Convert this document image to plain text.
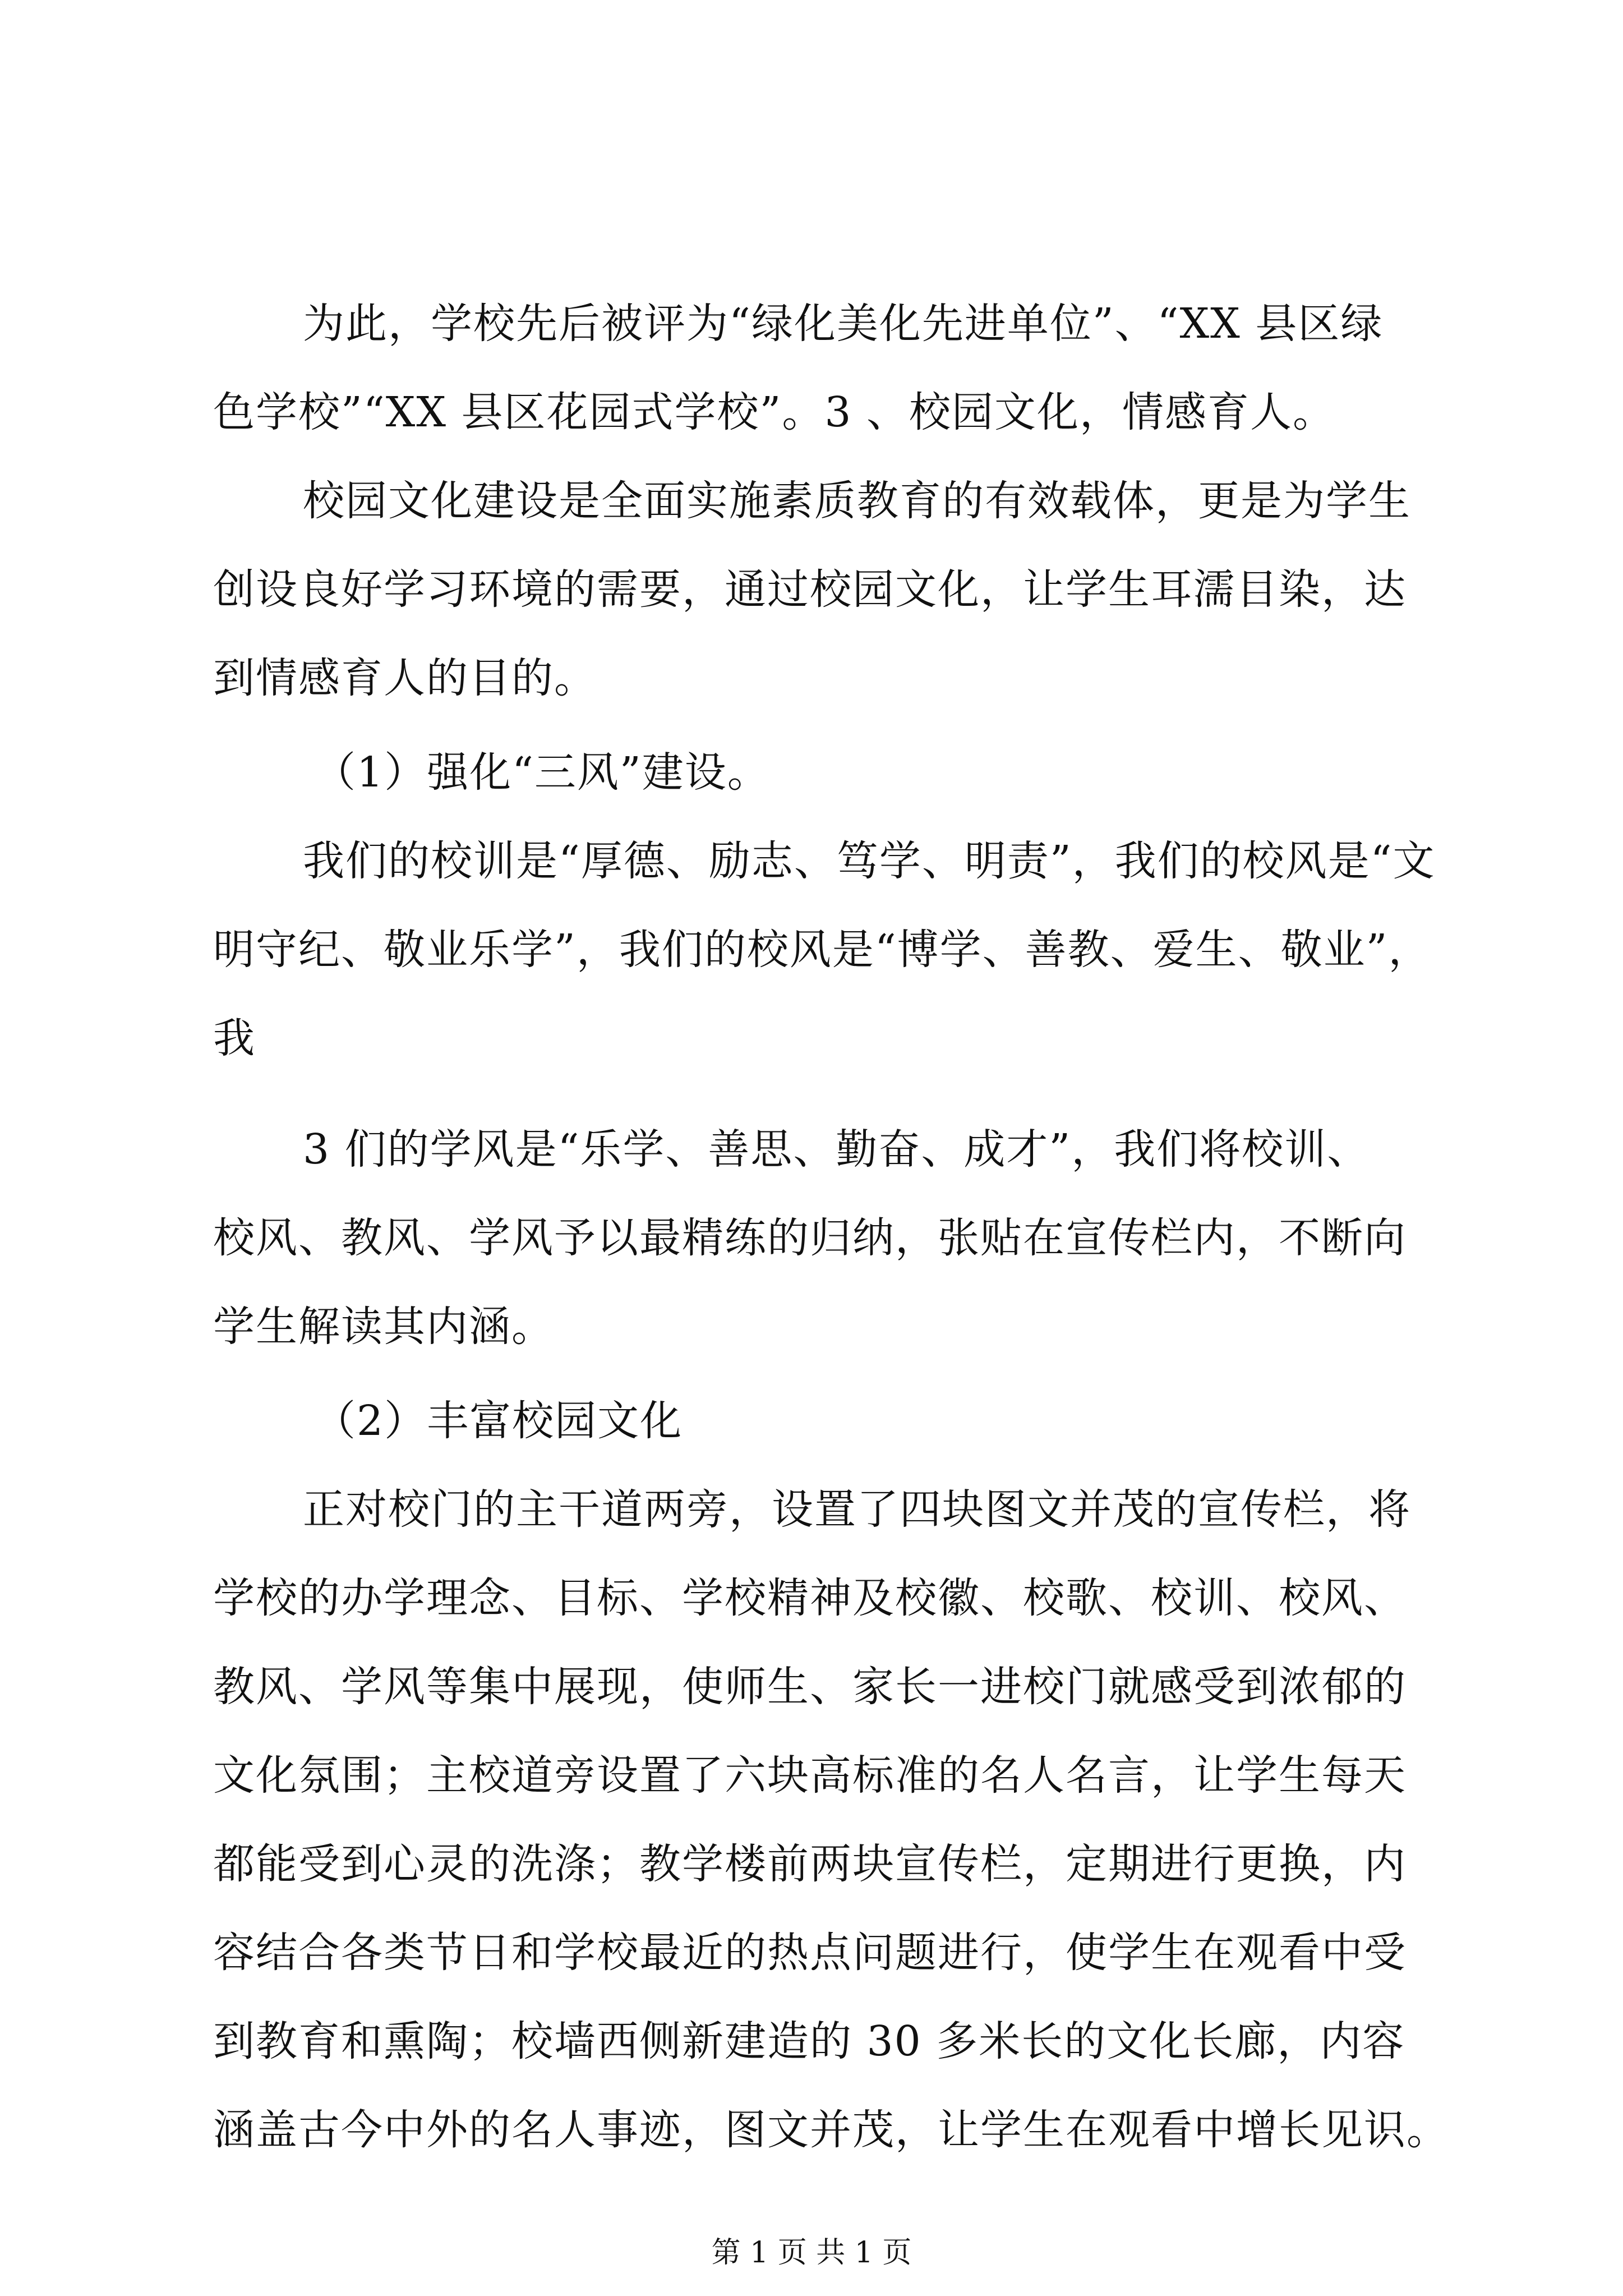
为此，学校先后被评为“绿化美化先进单位”、“XX 县区绿
色学校”“XX 县区花园式学校”。3 、校园文化，情感育人。
校园文化建设是全面实施素质教育的有效载体，更是为学生
创设良好学习环境的需要，通过校园文化，让学生耳濡目染，达
到情感育人的目的。
（1）强化“三风”建设。
我们的校训是“厚德、励志、笃学、明责”，我们的校风是“文
明守纪、敬业乐学”，我们的校风是“博学、善教、爱生、敬业”，
我
3 们的学风是“乐学、善思、勤奋、成才”，我们将校训、
校风、教风、学风予以最精练的归纳，张贴在宣传栏内，不断向
学生解读其内涵。
（2）丰富校园文化
正对校门的主干道两旁，设置了四块图文并茂的宣传栏，将
学校的办学理念、目标、学校精神及校徽、校歌、校训、校风、
教风、学风等集中展现，使师生、家长一进校门就感受到浓郁的
文化氛围；主校道旁设置了六块高标准的名人名言，让学生每天
都能受到心灵的洗涤；教学楼前两块宣传栏，定期进行更换，内
容结合各类节日和学校最近的热点问题进行，使学生在观看中受
到教育和熏陶；校墙西侧新建造的 30 多米长的文化长廊，内容
涵盖古今中外的名人事迹，图文并茂，让学生在观看中增长见识。
第 1 页 共 1 页
